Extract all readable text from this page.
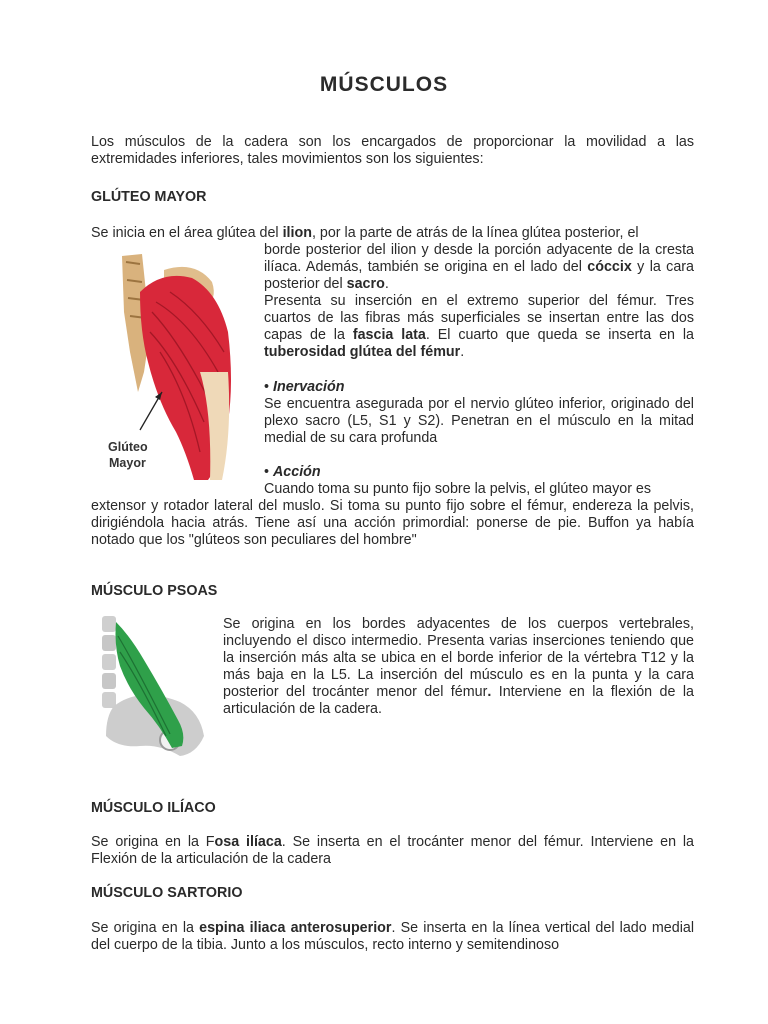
MÚSCULOS

Los músculos de la cadera son los encargados de proporcionar la movilidad a las extremidades inferiores, tales movimientos son los siguientes:

GLÚTEO MAYOR

Se inicia en el área glútea del ilion, por la parte de atrás de la línea glútea posterior, el

borde posterior del ilion y desde la porción adyacente de la cresta ilíaca. Además, también se origina en el lado del cóccix y la cara posterior del sacro.

Presenta su inserción en el extremo superior del fémur. Tres cuartos de las fibras más superficiales se insertan entre las dos capas de la fascia lata. El cuarto que queda se inserta en la tuberosidad glútea del fémur.

• Inervación

Se encuentra asegurada por el nervio glúteo inferior, originado del plexo sacro (L5, S1 y S2). Penetran en el músculo en la mitad medial de su cara profunda

• Acción

Cuando toma su punto fijo sobre la pelvis, el glúteo mayor es

extensor y rotador lateral del muslo. Si toma su punto fijo sobre el fémur, endereza la pelvis, dirigiéndola hacia atrás. Tiene así una acción primordial: ponerse de pie. Buffon ya había notado que los "glúteos son peculiares del hombre"

Glúteo
Mayor
MÚSCULO PSOAS

Se origina en los bordes adyacentes de los cuerpos vertebrales, incluyendo el disco intermedio. Presenta varias inserciones teniendo que la inserción más alta se ubica en el borde inferior de la vértebra T12 y la más baja en la L5. La inserción del músculo es en la punta y la cara posterior del trocánter menor del fémur. Interviene en la flexión de la articulación de la cadera.

MÚSCULO ILÍACO

Se origina en la Fosa ilíaca. Se inserta en el trocánter menor del fémur. Interviene en la Flexión de la articulación de la cadera

MÚSCULO SARTORIO

Se origina en la espina iliaca anterosuperior. Se inserta en la línea vertical del lado medial del cuerpo de la tibia. Junto a los músculos, recto interno y semitendinoso
